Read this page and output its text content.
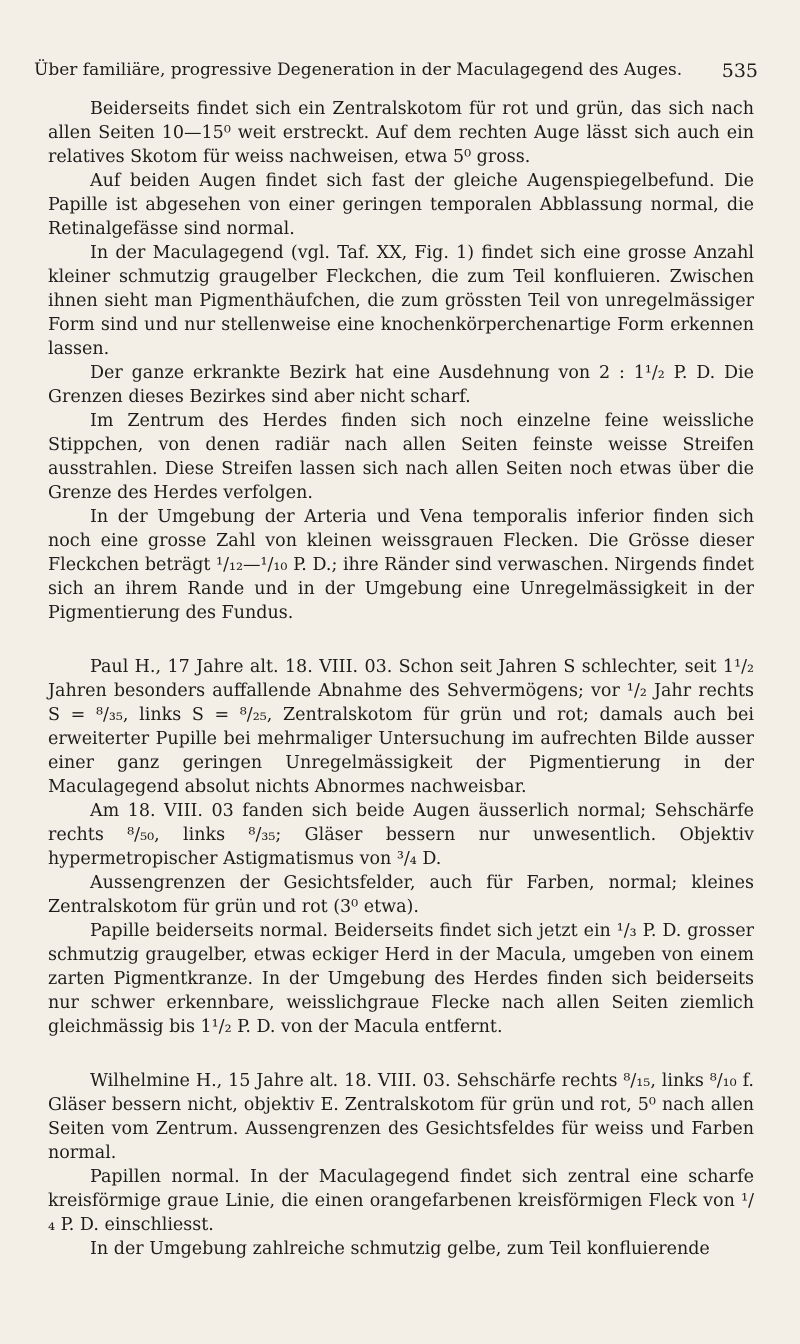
Über familiäre, progressive Degeneration in der Maculagegend des Auges. 535

Beiderseits findet sich ein Zentralskotom für rot und grün, das sich nach allen Seiten 10—15⁰ weit erstreckt. Auf dem rechten Auge lässt sich auch ein relatives Skotom für weiss nachweisen, etwa 5⁰ gross.

Auf beiden Augen findet sich fast der gleiche Augenspiegelbefund. Die Papille ist abgesehen von einer geringen temporalen Abblassung normal, die Retinalgefässe sind normal.

In der Maculagegend (vgl. Taf. XX, Fig. 1) findet sich eine grosse Anzahl kleiner schmutzig graugelber Fleckchen, die zum Teil konfluieren. Zwischen ihnen sieht man Pigmenthäufchen, die zum grössten Teil von unregelmässiger Form sind und nur stellenweise eine knochenkörperchenartige Form erkennen lassen.

Der ganze erkrankte Bezirk hat eine Ausdehnung von 2 : 1¹/₂ P. D. Die Grenzen dieses Bezirkes sind aber nicht scharf.

Im Zentrum des Herdes finden sich noch einzelne feine weissliche Stippchen, von denen radiär nach allen Seiten feinste weisse Streifen ausstrahlen. Diese Streifen lassen sich nach allen Seiten noch etwas über die Grenze des Herdes verfolgen.

In der Umgebung der Arteria und Vena temporalis inferior finden sich noch eine grosse Zahl von kleinen weissgrauen Flecken. Die Grösse dieser Fleckchen beträgt ¹/₁₂—¹/₁₀ P. D.; ihre Ränder sind verwaschen. Nirgends findet sich an ihrem Rande und in der Umgebung eine Unregelmässigkeit in der Pigmentierung des Fundus.

Paul H., 17 Jahre alt. 18. VIII. 03. Schon seit Jahren S schlechter, seit 1¹/₂ Jahren besonders auffallende Abnahme des Sehvermögens; vor ¹/₂ Jahr rechts S = ⁸/₃₅, links S = ⁸/₂₅, Zentralskotom für grün und rot; damals auch bei erweiterter Pupille bei mehrmaliger Untersuchung im aufrechten Bilde ausser einer ganz geringen Unregelmässigkeit der Pigmentierung in der Maculagegend absolut nichts Abnormes nachweisbar.

Am 18. VIII. 03 fanden sich beide Augen äusserlich normal; Sehschärfe rechts ⁸/₅₀, links ⁸/₃₅; Gläser bessern nur unwesentlich. Objektiv hypermetropischer Astigmatismus von ³/₄ D.

Aussengrenzen der Gesichtsfelder, auch für Farben, normal; kleines Zentralskotom für grün und rot (3⁰ etwa).

Papille beiderseits normal. Beiderseits findet sich jetzt ein ¹/₃ P. D. grosser schmutzig graugelber, etwas eckiger Herd in der Macula, umgeben von einem zarten Pigmentkranze. In der Umgebung des Herdes finden sich beiderseits nur schwer erkennbare, weisslichgraue Flecke nach allen Seiten ziemlich gleichmässig bis 1¹/₂ P. D. von der Macula entfernt.

Wilhelmine H., 15 Jahre alt. 18. VIII. 03. Sehschärfe rechts ⁸/₁₅, links ⁸/₁₀ f. Gläser bessern nicht, objektiv E. Zentralskotom für grün und rot, 5⁰ nach allen Seiten vom Zentrum. Aussengrenzen des Gesichtsfeldes für weiss und Farben normal.

Papillen normal. In der Maculagegend findet sich zentral eine scharfe kreisförmige graue Linie, die einen orangefarbenen kreisförmigen Fleck von ¹/₄ P. D. einschliesst.

In der Umgebung zahlreiche schmutzig gelbe, zum Teil konfluierende
